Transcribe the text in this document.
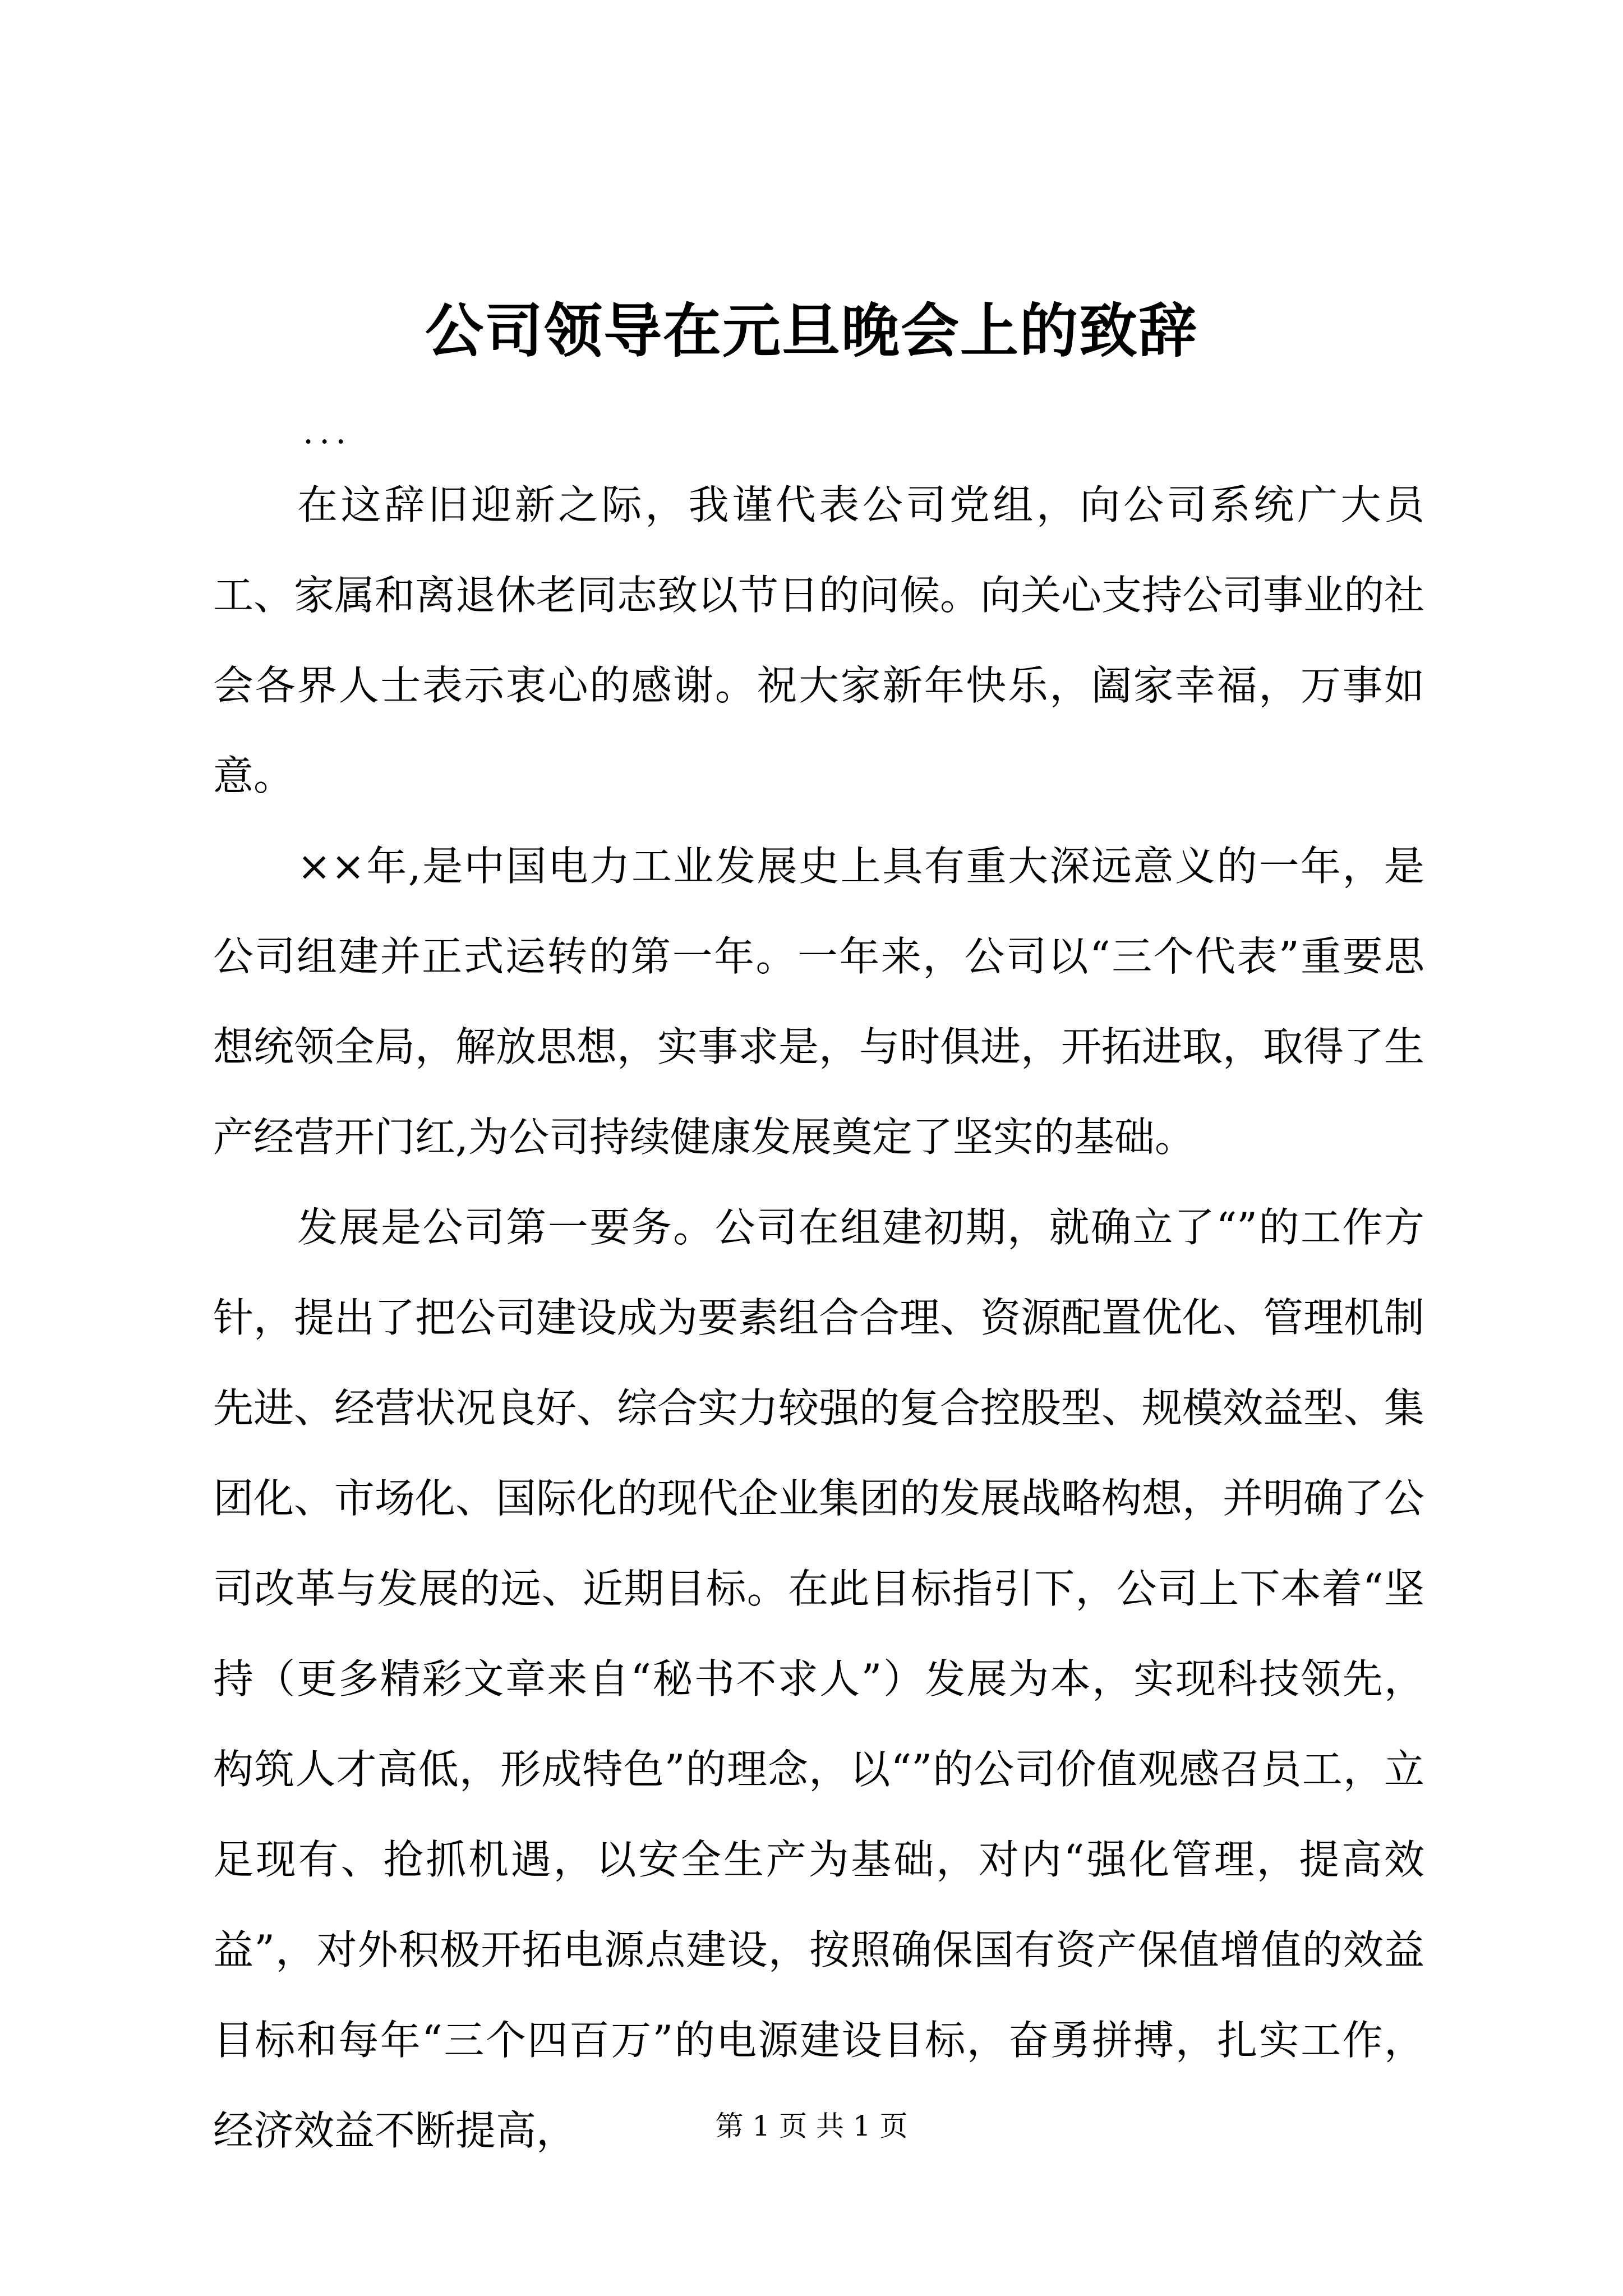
公司领导在元旦晚会上的致辞
...

在这辞旧迎新之际，我谨代表公司党组，向公司系统广大员工、家属和离退休老同志致以节日的问候。向关心支持公司事业的社会各界人士表示衷心的感谢。祝大家新年快乐，阖家幸福，万事如意。

××年,是中国电力工业发展史上具有重大深远意义的一年，是公司组建并正式运转的第一年。一年来，公司以“三个代表”重要思想统领全局，解放思想，实事求是，与时俱进，开拓进取，取得了生产经营开门红,为公司持续健康发展奠定了坚实的基础。

发展是公司第一要务。公司在组建初期，就确立了“”的工作方针，提出了把公司建设成为要素组合合理、资源配置优化、管理机制先进、经营状况良好、综合实力较强的复合控股型、规模效益型、集团化、市场化、国际化的现代企业集团的发展战略构想，并明确了公司改革与发展的远、近期目标。在此目标指引下，公司上下本着“坚持（更多精彩文章来自“秘书不求人”）发展为本，实现科技领先，构筑人才高低，形成特色”的理念，以“”的公司价值观感召员工，立足现有、抢抓机遇，以安全生产为基础，对内“强化管理，提高效益”，对外积极开拓电源点建设，按照确保国有资产保值增值的效益目标和每年“三个四百万”的电源建设目标，奋勇拼搏，扎实工作，经济效益不断提高，	第 1 页 共 1 页
